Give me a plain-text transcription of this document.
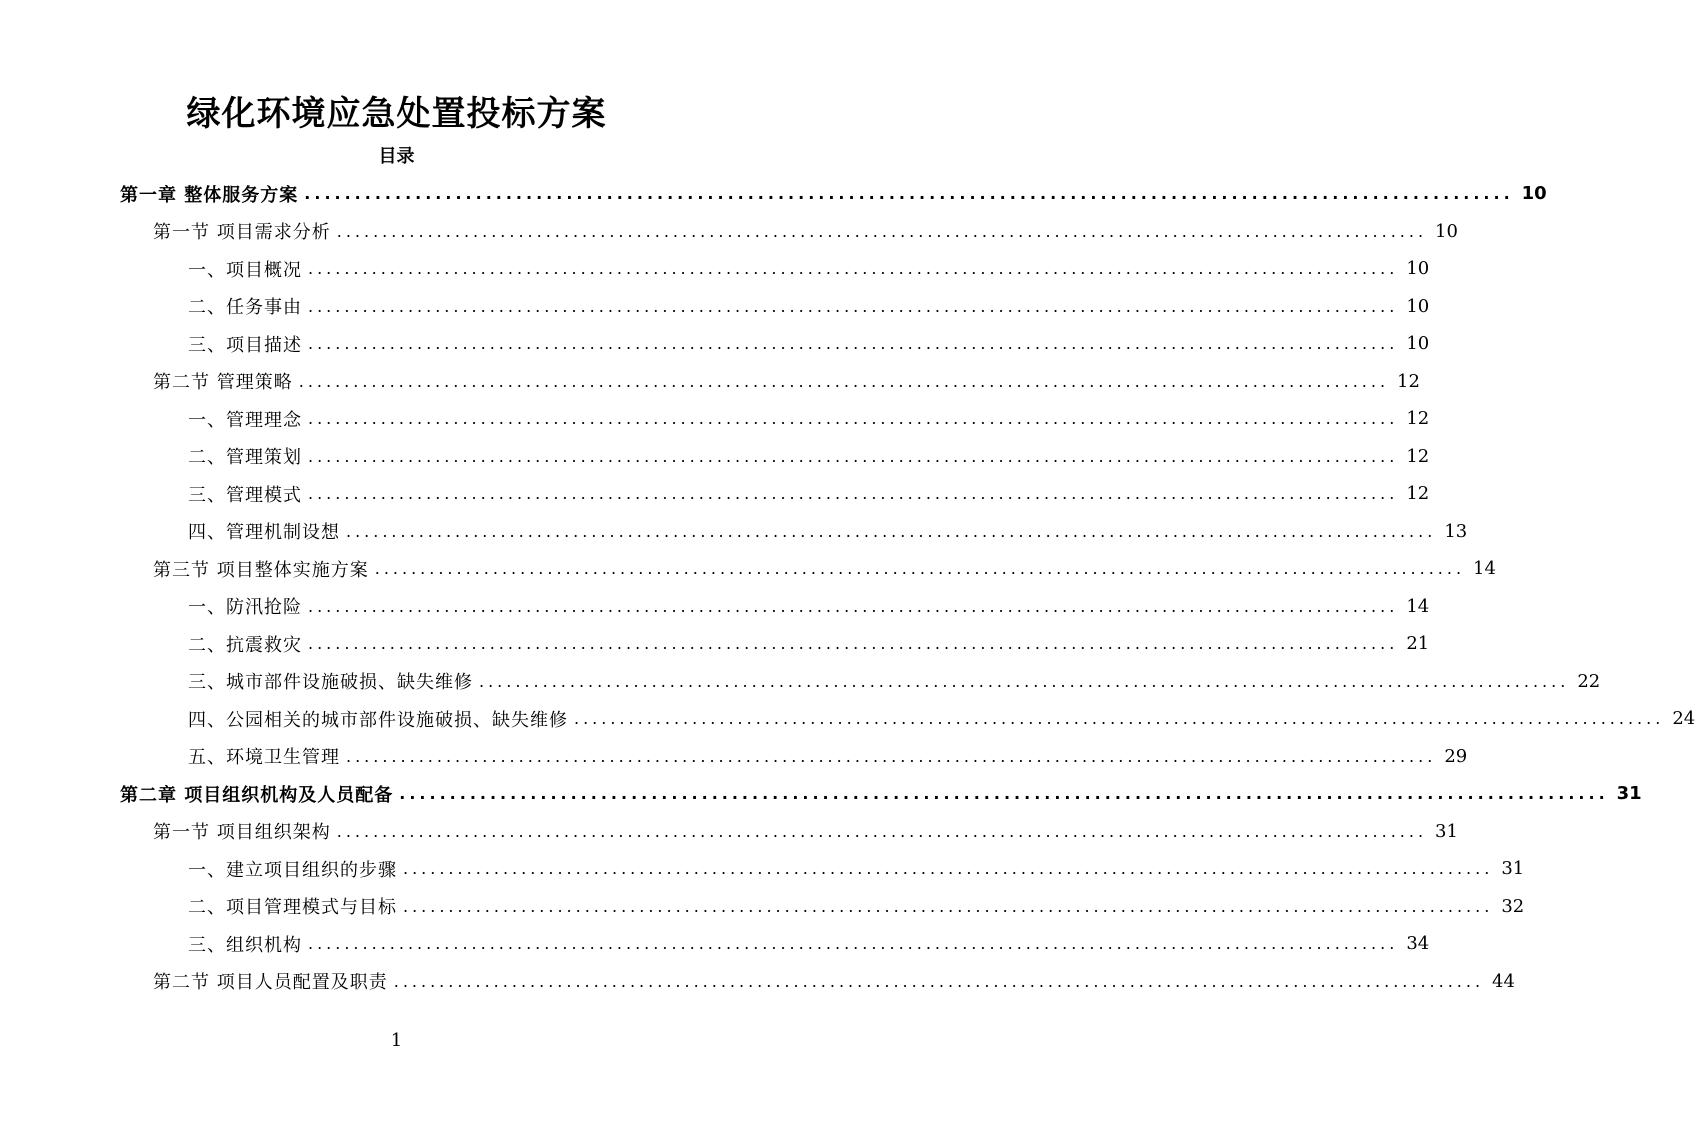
绿化环境应急处置投标方案
目录
第一章 整体服务方案 ........................................................................................................................ 10
第一节 项目需求分析 ........................................................................................................................ 10
一、项目概况 ........................................................................................................................ 10
二、任务事由 ........................................................................................................................ 10
三、项目描述 ........................................................................................................................ 10
第二节 管理策略 ........................................................................................................................ 12
一、管理理念 ........................................................................................................................ 12
二、管理策划 ........................................................................................................................ 12
三、管理模式 ........................................................................................................................ 12
四、管理机制设想 ........................................................................................................................ 13
第三节 项目整体实施方案 ........................................................................................................................ 14
一、防汛抢险 ........................................................................................................................ 14
二、抗震救灾 ........................................................................................................................ 21
三、城市部件设施破损、缺失维修 ........................................................................................................................ 22
四、公园相关的城市部件设施破损、缺失维修 ........................................................................................................................ 24
五、环境卫生管理 ........................................................................................................................ 29
第二章 项目组织机构及人员配备 ........................................................................................................................ 31
第一节 项目组织架构 ........................................................................................................................ 31
一、建立项目组织的步骤 ........................................................................................................................ 31
二、项目管理模式与目标 ........................................................................................................................ 32
三、组织机构 ........................................................................................................................ 34
第二节 项目人员配置及职责 ........................................................................................................................ 44
1
